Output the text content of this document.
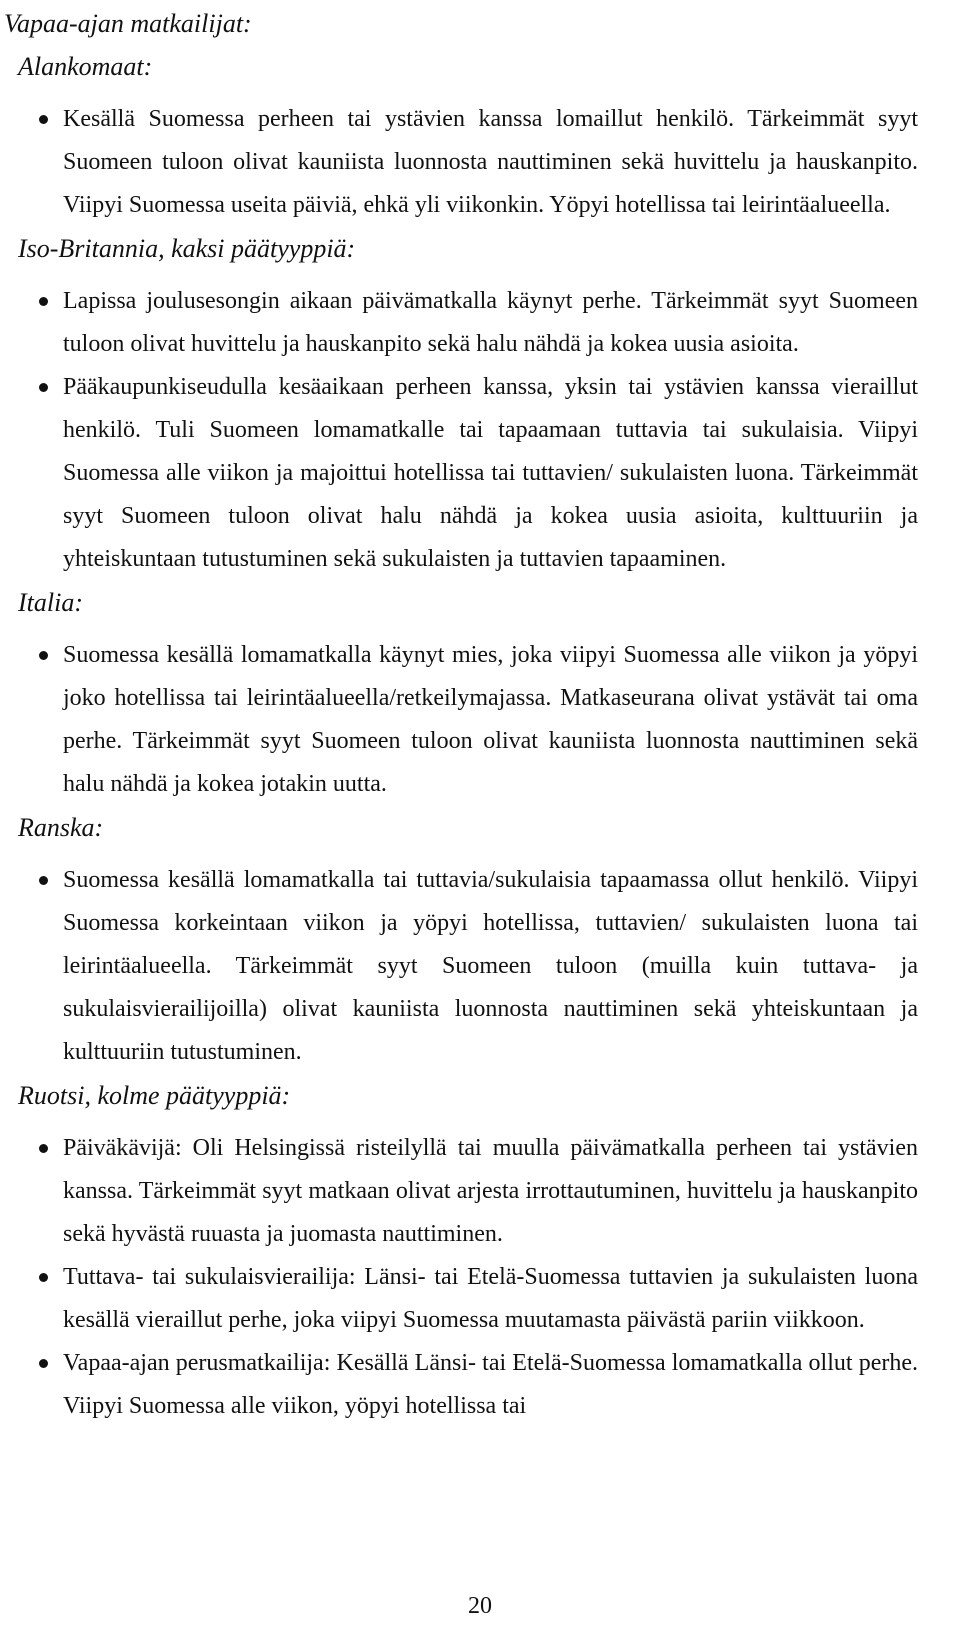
Vapaa-ajan matkailijat:

Alankomaat:

Kesällä Suomessa perheen tai ystävien kanssa lomaillut henkilö. Tärkeimmät syyt Suomeen tuloon olivat kauniista luonnosta nauttiminen sekä huvittelu ja hauskanpito. Viipyi Suomessa useita päiviä, ehkä yli viikonkin. Yöpyi hotellissa tai leirintäalueella.

Iso-Britannia, kaksi päätyyppiä:

Lapissa joulusesongin aikaan päivämatkalla käynyt perhe. Tärkeimmät syyt Suomeen tuloon olivat huvittelu ja hauskanpito sekä halu nähdä ja kokea uusia asioita.
Pääkaupunkiseudulla kesäaikaan perheen kanssa, yksin tai ystävien kanssa vieraillut henkilö. Tuli Suomeen lomamatkalle tai tapaamaan tuttavia tai sukulaisia. Viipyi Suomessa alle viikon ja majoittui hotellissa tai tuttavien/ sukulaisten luona. Tärkeimmät syyt Suomeen tuloon olivat halu nähdä ja kokea uusia asioita, kulttuuriin ja yhteiskuntaan tutustuminen sekä sukulaisten ja tuttavien tapaaminen.

Italia:

Suomessa kesällä lomamatkalla käynyt mies, joka viipyi Suomessa alle viikon ja yöpyi joko hotellissa tai leirintäalueella/retkeilymajassa. Matkaseurana olivat ystävät tai oma perhe. Tärkeimmät syyt Suomeen tuloon olivat kauniista luonnosta nauttiminen sekä halu nähdä ja kokea jotakin uutta.

Ranska:

Suomessa kesällä lomamatkalla tai tuttavia/sukulaisia tapaamassa ollut henkilö. Viipyi Suomessa korkeintaan viikon ja yöpyi hotellissa, tuttavien/ sukulaisten luona tai leirintäalueella. Tärkeimmät syyt Suomeen tuloon (muilla kuin tuttava- ja sukulaisvierailijoilla) olivat kauniista luonnosta nauttiminen sekä yhteiskuntaan ja kulttuuriin tutustuminen.

Ruotsi, kolme päätyyppiä:

Päiväkävijä: Oli Helsingissä risteilyllä tai muulla päivämatkalla perheen tai ystävien kanssa. Tärkeimmät syyt matkaan olivat arjesta irrottautuminen, huvittelu ja hauskanpito sekä hyvästä ruuasta ja juomasta nauttiminen.
Tuttava- tai sukulaisvierailija: Länsi- tai Etelä-Suomessa tuttavien ja sukulaisten luona kesällä vieraillut perhe, joka viipyi Suomessa muutamasta päivästä pariin viikkoon.
Vapaa-ajan perusmatkailija: Kesällä Länsi- tai Etelä-Suomessa lomamatkalla ollut perhe. Viipyi Suomessa alle viikon, yöpyi hotellissa tai
20
